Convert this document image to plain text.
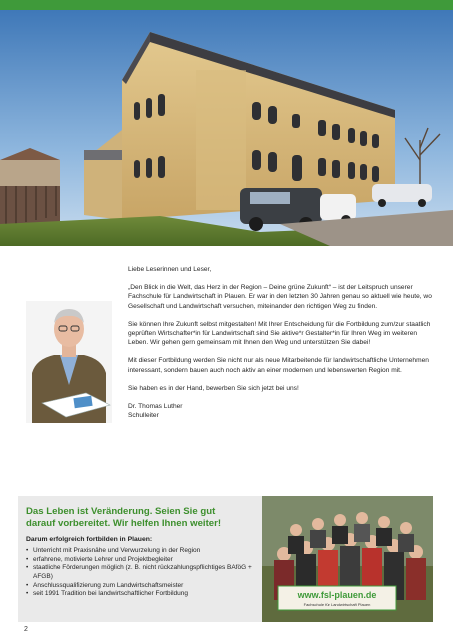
Liebe Leserinnen und Leser,

„Den Blick in die Welt, das Herz in der Region – Deine grüne Zukunft“ – ist der Leitspruch unserer Fachschule für Landwirtschaft in Plauen. Er war in den letzten 30 Jahren genau so aktuell wie heute, wo Gesellschaft und Landwirtschaft versuchen, miteinander den richtigen Weg zu finden.

Sie können Ihre Zukunft selbst mitgestalten! Mit Ihrer Entscheidung für die Fortbildung zum/zur staatlich geprüften Wirtschafter*in für Landwirtschaft sind Sie aktive*r Gestalter*in für Ihren Weg im weiteren Leben. Wir gehen gern gemeinsam mit Ihnen den Weg und unterstützen Sie dabei!

Mit dieser Fortbildung werden Sie nicht nur als neue Mitarbeitende für landwirtschaftliche Unternehmen interessant, sondern bauen auch noch aktiv an einer modernen und lebenswerten Region mit.

Sie haben es in der Hand, bewerben Sie sich jetzt bei uns!

Dr. Thomas Luther

Schulleiter

Das Leben ist Veränderung. Seien Sie gut
darauf vorbereitet. Wir helfen Ihnen weiter!
Darum erfolgreich fortbilden in Plauen:
• Unterricht mit Praxisnähe und Verwurzelung in der Region
• erfahrene, motivierte Lehrer und Projektbegleiter
• staatliche Förderungen möglich (z. B. nicht rückzahlungspflichtiges BAföG + AFGB)
• Anschlussqualifizierung zum Landwirtschaftsmeister
• seit 1991 Tradition bei landwirtschaftlicher Fortbildung	www.fsl-plauen.de
Fachschule für Landwirtschaft Plauen
2
